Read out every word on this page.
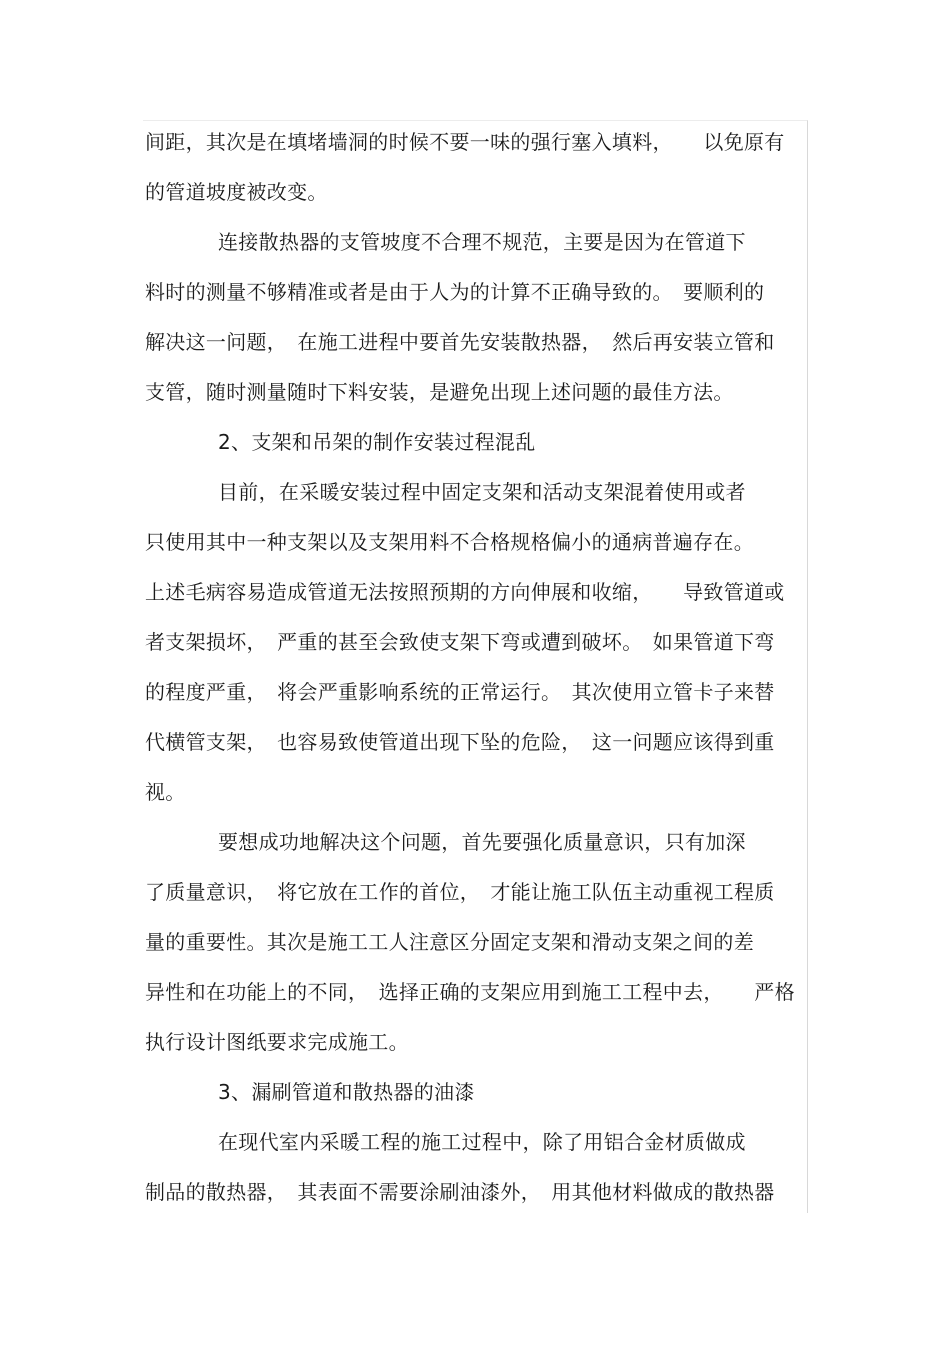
间距，其次是在填堵墙洞的时候不要一味的强行塞入填料，　　以免原有
的管道坡度被改变。
连接散热器的支管坡度不合理不规范，主要是因为在管道下
料时的测量不够精准或者是由于人为的计算不正确导致的。　要顺利的
解决这一问题，　在施工进程中要首先安装散热器，　然后再安装立管和
支管，随时测量随时下料安装，是避免出现上述问题的最佳方法。
2、支架和吊架的制作安装过程混乱
目前，在采暖安装过程中固定支架和活动支架混着使用或者
只使用其中一种支架以及支架用料不合格规格偏小的通病普遍存在。
上述毛病容易造成管道无法按照预期的方向伸展和收缩，　　导致管道或
者支架损坏，　严重的甚至会致使支架下弯或遭到破坏。　如果管道下弯
的程度严重，　将会严重影响系统的正常运行。　其次使用立管卡子来替
代横管支架，　也容易致使管道出现下坠的危险，　这一问题应该得到重
视。
要想成功地解决这个问题，首先要强化质量意识，只有加深
了质量意识，　将它放在工作的首位，　才能让施工队伍主动重视工程质
量的重要性。其次是施工工人注意区分固定支架和滑动支架之间的差
异性和在功能上的不同，　选择正确的支架应用到施工工程中去，　　严格
执行设计图纸要求完成施工。
3、漏刷管道和散热器的油漆
在现代室内采暖工程的施工过程中，除了用铝合金材质做成
制品的散热器，　其表面不需要涂刷油漆外，　用其他材料做成的散热器
